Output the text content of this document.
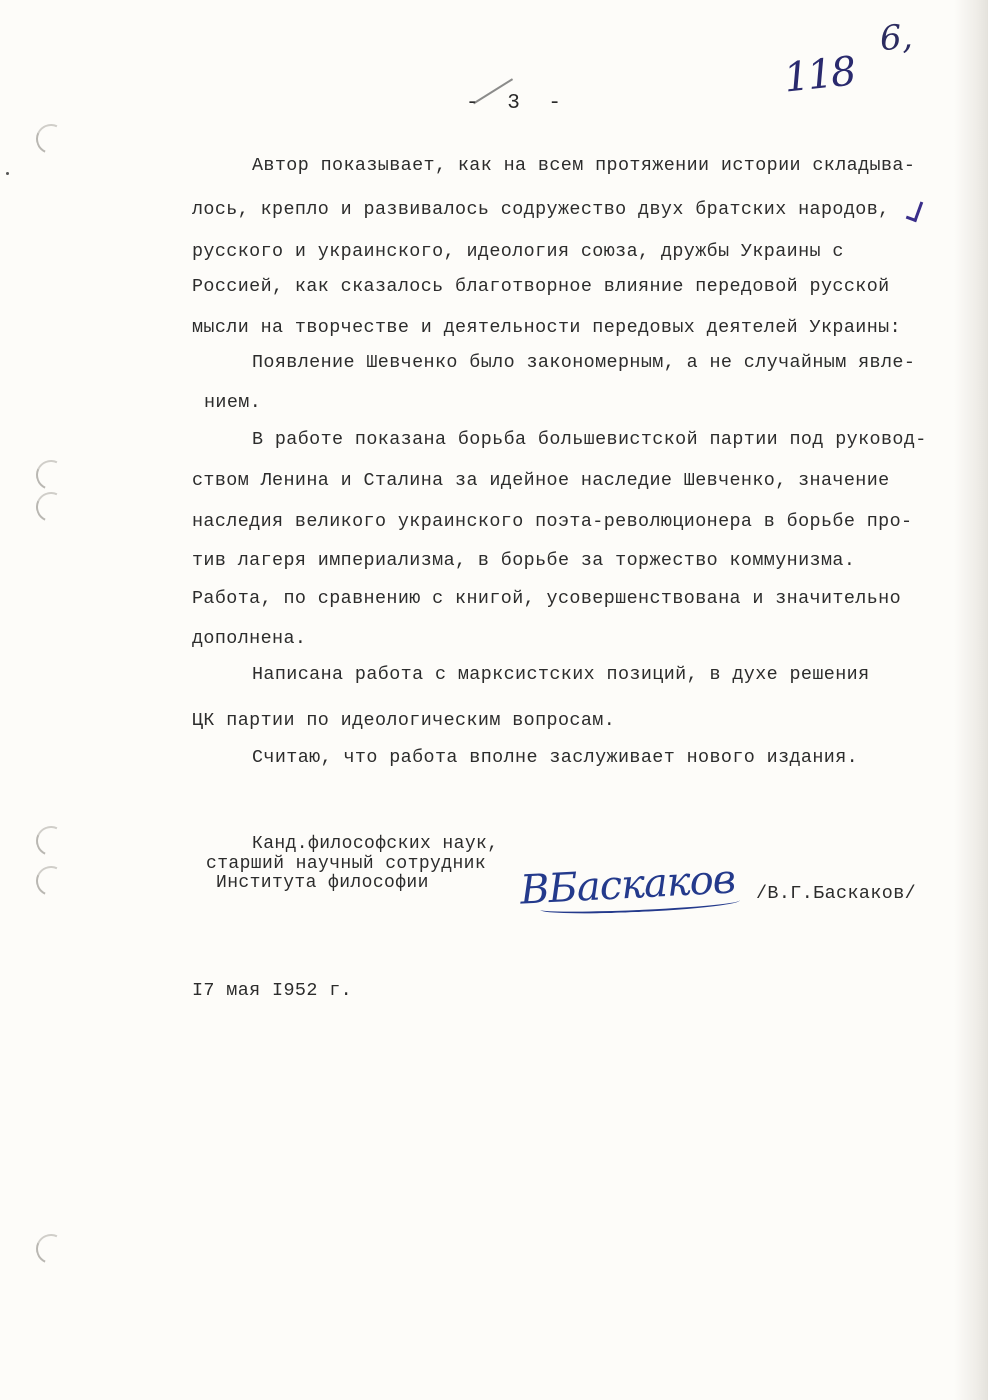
118
6,
- 3 -

Автор показывает, как на всем протяжении истории складыва-

лось, крепло и развивалось содружество двух братских народов,

русского и украинского, идеология союза, дружбы Украины с

Россией, как сказалось благотворное влияние передовой русской

мысли на творчестве и деятельности передовых деятелей Украины:

Появление Шевченко было закономерным, а не случайным явле-

нием.

В работе показана борьба большевистской партии под руковод-

ством Ленина и Сталина за идейное наследие Шевченко, значение

наследия великого украинского поэта-революционера в борьбе про-

тив лагеря империализма, в борьбе за торжество коммунизма.

Работа, по сравнению с книгой, усовершенствована и значительно

дополнена.

Написана работа с марксистских позиций, в духе решения

ЦК партии по идеологическим вопросам.

Считаю, что работа вполне заслуживает нового издания.

Канд.философских наук,

старший научный сотрудник

Института философии ВБаскаков /В.Г.Баскаков/

I7 мая I952 г.
